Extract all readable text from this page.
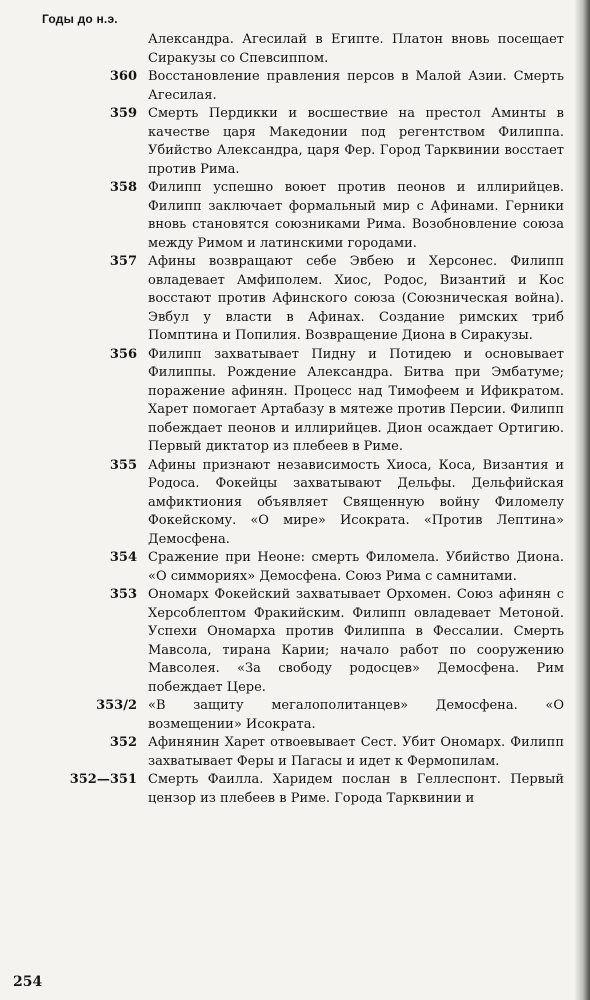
Годы до н.э.
Александра. Агесилай в Египте. Платон вновь посещает Сиракузы со Спевсиппом.
360 Восстановление правления персов в Малой Азии. Смерть Агесилая.
359 Смерть Пердикки и восшествие на престол Аминты в качестве царя Македонии под регентством Филиппа. Убийство Александра, царя Фер. Город Тарквинии восстает против Рима.
358 Филипп успешно воюет против пеонов и иллирийцев. Филипп заключает формальный мир с Афинами. Герники вновь становятся союзниками Рима. Возобновление союза между Римом и латинскими городами.
357 Афины возвращают себе Эвбею и Херсонес. Филипп овладевает Амфиполем. Хиос, Родос, Византий и Кос восстают против Афинского союза (Союзническая война). Эвбул у власти в Афинах. Создание римских триб Помптина и Попилия. Возвращение Диона в Сиракузы.
356 Филипп захватывает Пидну и Потидею и основывает Филиппы. Рождение Александра. Битва при Эмбатуме; поражение афинян. Процесс над Тимофеем и Ификратом. Харет помогает Артабазу в мятеже против Персии. Филипп побеждает пеонов и иллирийцев. Дион осаждает Ортигию. Первый диктатор из плебеев в Риме.
355 Афины признают независимость Хиоса, Коса, Византия и Родоса. Фокейцы захватывают Дельфы. Дельфийская амфиктиония объявляет Священную войну Филомелу Фокейскому. «О мире» Исократа. «Против Лептина» Демосфена.
354 Сражение при Неоне: смерть Филомела. Убийство Диона. «О симмориях» Демосфена. Союз Рима с самнитами.
353 Ономарх Фокейский захватывает Орхомен. Союз афинян с Херсоблептом Фракийским. Филипп овладевает Метоной. Успехи Ономарха против Филиппа в Фессалии. Смерть Мавсола, тирана Карии; начало работ по сооружению Мавсолея. «За свободу родосцев» Демосфена. Рим побеждает Цере.
353/2 «В защиту мегалополитанцев» Демосфена. «О возмещении» Исократа.
352 Афинянин Харет отвоевывает Сест. Убит Ономарх. Филипп захватывает Феры и Пагасы и идет к Фермопилам.
352—351 Смерть Фаилла. Харидем послан в Геллеспонт. Первый цензор из плебеев в Риме. Города Тарквинии и
254
